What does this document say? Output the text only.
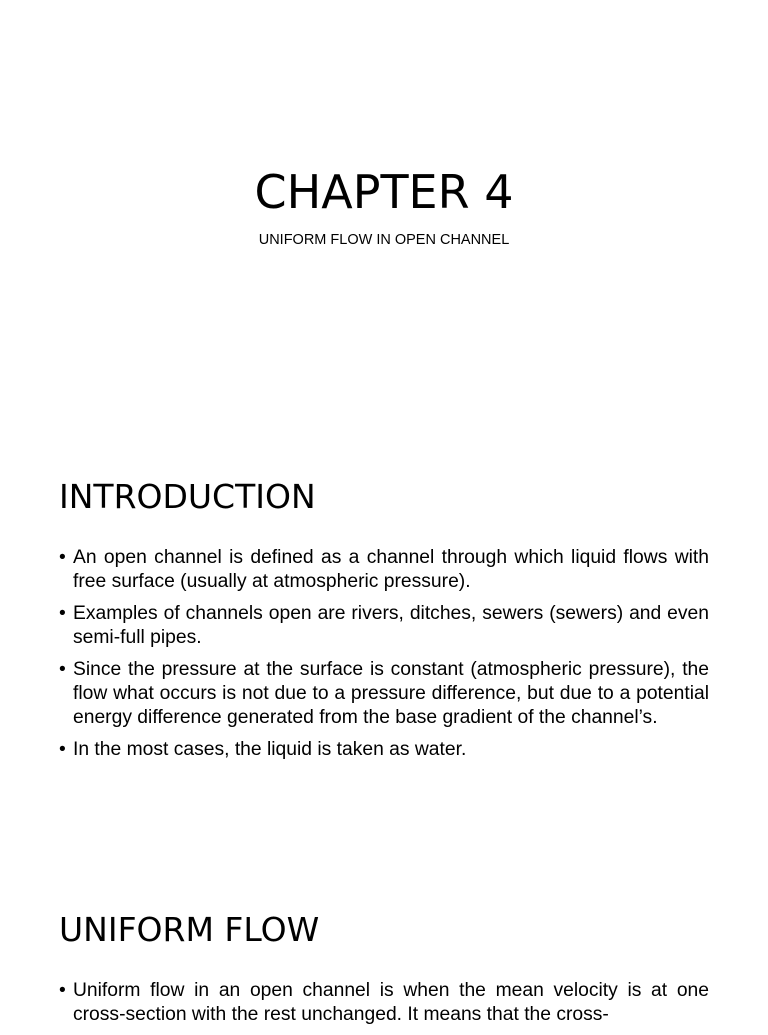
CHAPTER 4

UNIFORM FLOW IN OPEN CHANNEL

INTRODUCTION
• An open channel is defined as a channel through which liquid flows with free surface (usually at atmospheric pressure).
• Examples of channels open are rivers, ditches, sewers (sewers) and even semi-full pipes.
• Since the pressure at the surface is constant (atmospheric pressure), the flow what occurs is not due to a pressure difference, but due to a potential energy difference generated from the base gradient of the channel’s.
• In the most cases, the liquid is taken as water.
UNIFORM FLOW
• Uniform flow in an open channel is when the mean velocity is at one cross-section with the rest unchanged. It means that the cross-
